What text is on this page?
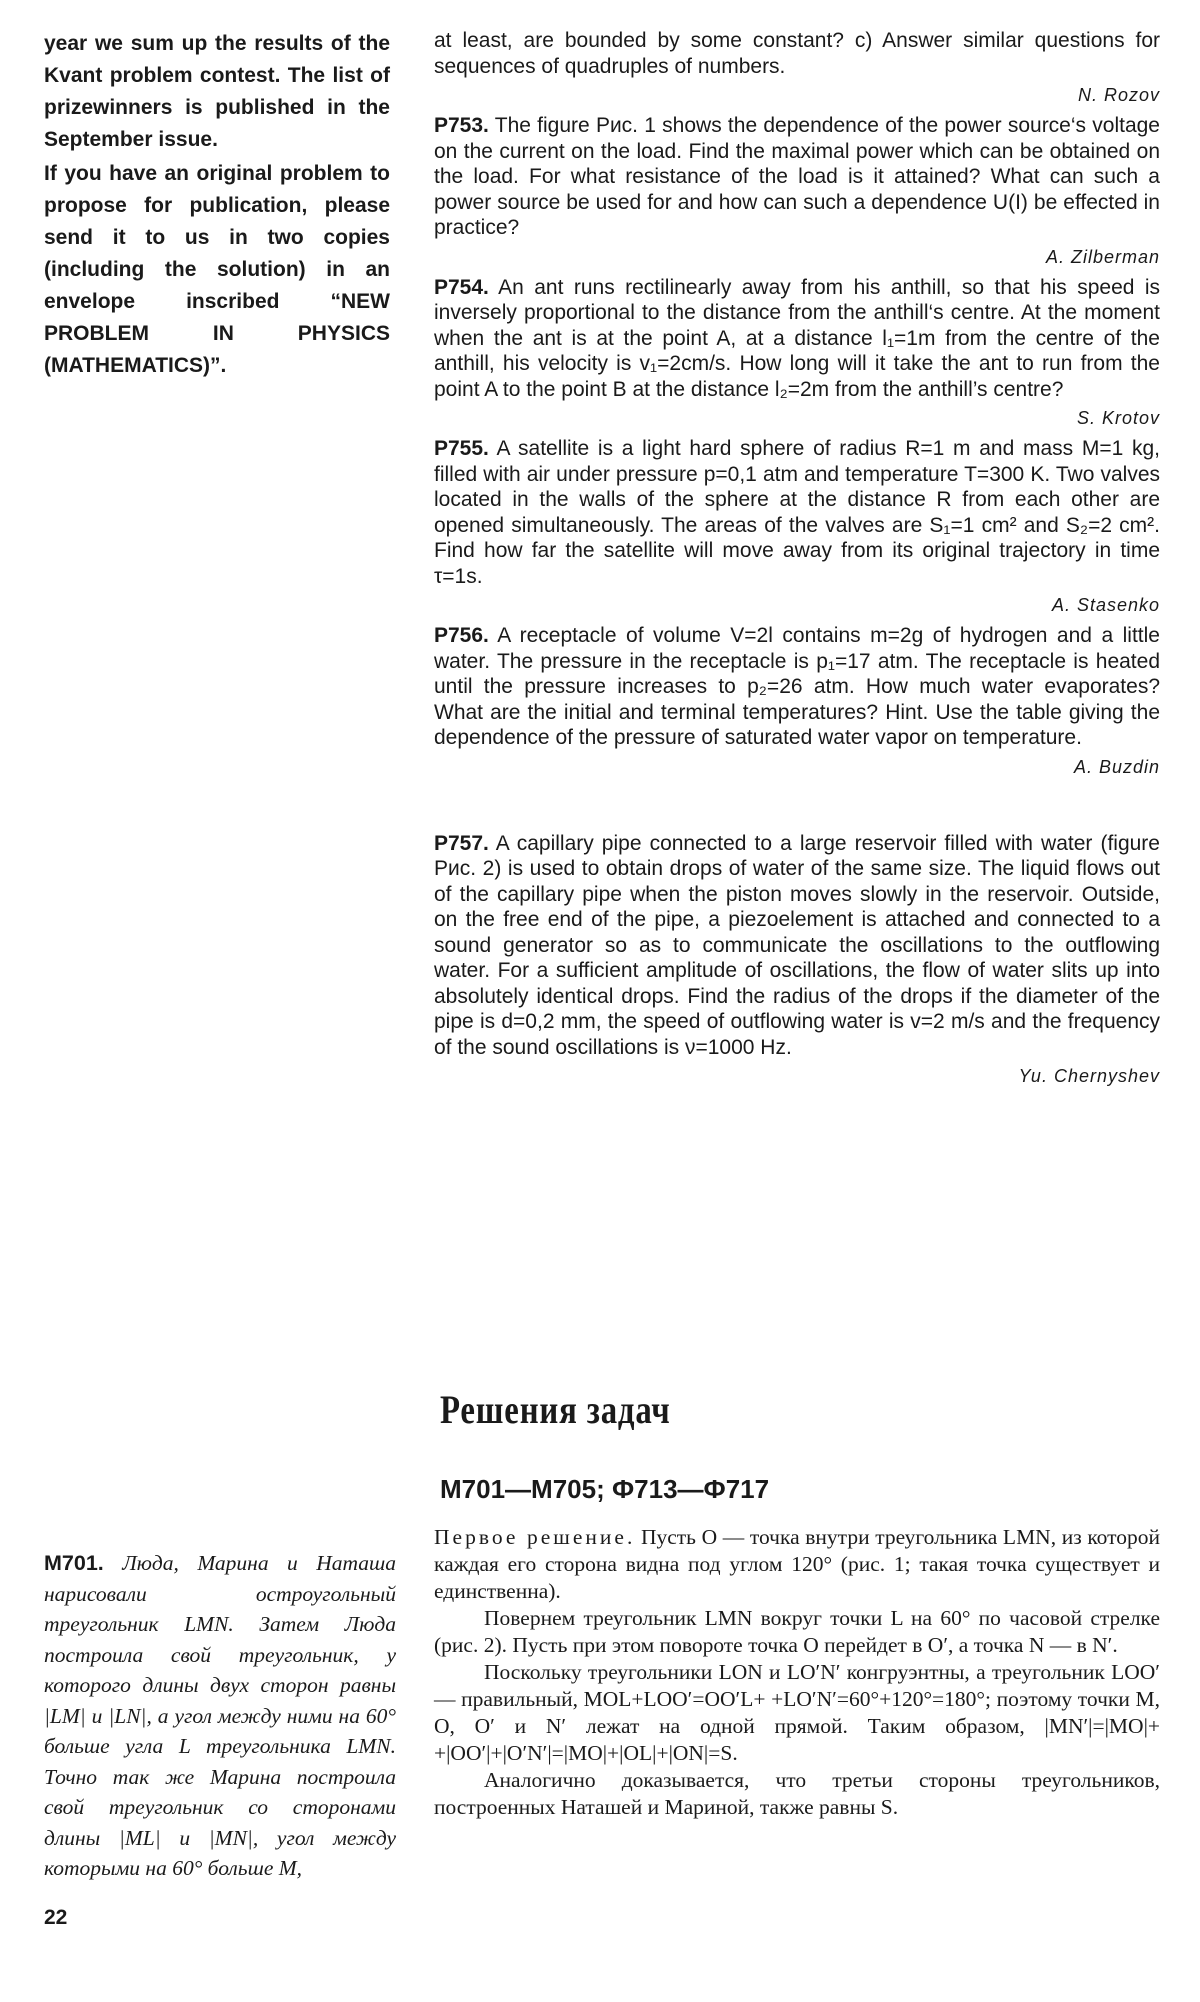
year we sum up the results of the Kvant problem contest. The list of prizewinners is published in the September issue.

If you have an original problem to propose for publication, please send it to us in two copies (including the solution) in an envelope inscribed “NEW PROBLEM IN PHYSICS (MATHEMATICS)”.

at least, are bounded by some constant? c) Answer similar questions for sequences of quadruples of numbers.

N. Rozov

P753. The figure Рис. 1 shows the dependence of the power source‘s voltage on the current on the load. Find the maximal power which can be obtained on the load. For what resistance of the load is it attained? What can such a power source be used for and how can such a dependence U(I) be effected in practice?

A. Zilberman

P754. An ant runs rectilinearly away from his anthill, so that his speed is inversely proportional to the distance from the anthill‘s centre. At the moment when the ant is at the point A, at a distance l₁=1m from the centre of the anthill, his velocity is v₁=2cm/s. How long will it take the ant to run from the point A to the point B at the distance l₂=2m from the anthill’s centre?

S. Krotov

P755. A satellite is a light hard sphere of radius R=1 m and mass M=1 kg, filled with air under pressure p=0,1 atm and temperature T=300 K. Two valves located in the walls of the sphere at the distance R from each other are opened simultaneously. The areas of the valves are S₁=1 cm² and S₂=2 cm². Find how far the satellite will move away from its original trajectory in time τ=1s.

A. Stasenko

P756. A receptacle of volume V=2l contains m=2g of hydrogen and a little water. The pressure in the receptacle is p₁=17 atm. The receptacle is heated until the pressure increases to p₂=26 atm. How much water evaporates? What are the initial and terminal temperatures? Hint. Use the table giving the dependence of the pressure of saturated water vapor on temperature.

A. Buzdin

P757. A capillary pipe connected to a large reservoir filled with water (figure Рис. 2) is used to obtain drops of water of the same size. The liquid flows out of the capillary pipe when the piston moves slowly in the reservoir. Outside, on the free end of the pipe, a piezoelement is attached and connected to a sound generator so as to communicate the oscillations to the outflowing water. For a sufficient amplitude of oscillations, the flow of water slits up into absolutely identical drops. Find the radius of the drops if the diameter of the pipe is d=0,2 mm, the speed of outflowing water is v=2 m/s and the frequency of the sound oscillations is ν=1000 Hz.

Yu. Chernyshev
Решения задач
М701—М705; Ф713—Ф717

Первое решение. Пусть O — точка внутри треугольника LMN, из которой каждая его сторона видна под углом 120° (рис. 1; такая точка существует и единственна).

Повернем треугольник LMN вокруг точки L на 60° по часовой стрелке (рис. 2). Пусть при этом повороте точка O перейдет в O′, а точка N — в N′.

Поскольку треугольники LON и LO′N′ конгруэнтны, а треугольник LOO′ — правильный, MOL+LOO′=OO′L+ +LO′N′=60°+120°=180°; поэтому точки M, O, O′ и N′ лежат на одной прямой. Таким образом, |MN′|=|MO|+ +|OO′|+|O′N′|=|MO|+|OL|+|ON|=S.

Аналогично доказывается, что третьи стороны треугольников, построенных Наташей и Мариной, также равны S.

М701. Люда, Марина и Наташа нарисовали остроугольный треугольник LMN. Затем Люда построила свой треугольник, у которого длины двух сторон равны |LM| и |LN|, а угол между ними на 60° больше угла L треугольника LMN. Точно так же Марина построила свой треугольник со сторонами длины |ML| и |MN|, угол между которыми на 60° больше M,
22
